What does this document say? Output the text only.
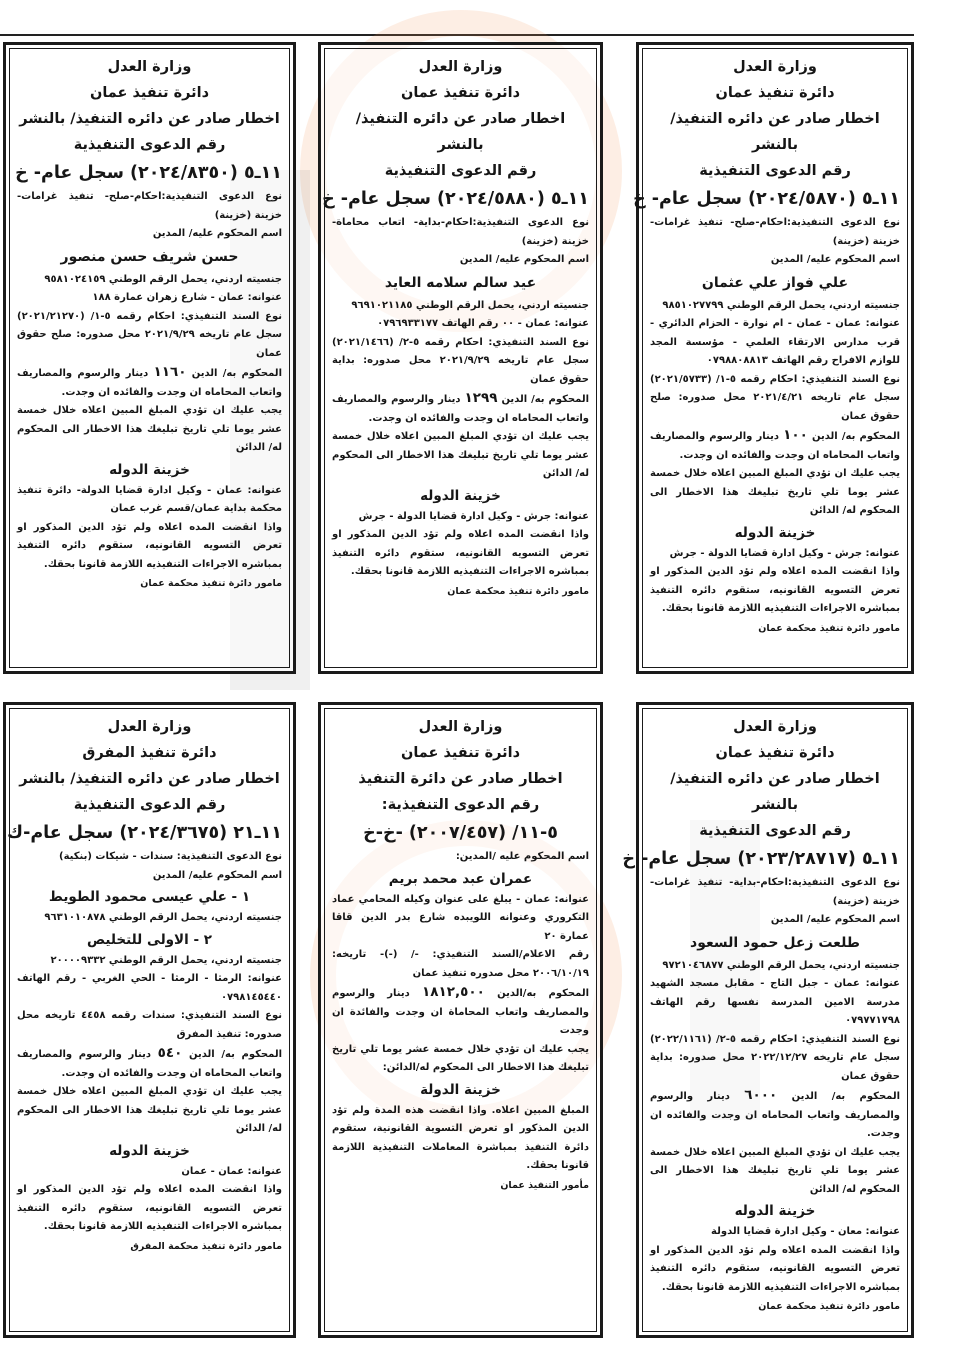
وزارة العدل
دائرة تنفيذ عمان
اخطار صادر عن دائره التنفيذ/ بالنشر
رقم الدعوى التنفيذية
١١ـ٥ (٢٠٢٤/٥٨٧٠) سجل عام- خ
نوع الدعوى التنفيذية:احكام-صلح- تنفيذ غرامات- خزينة (خزينة)
اسم المحكوم عليه/ المدين
علي فواز علي عثمان
جنسيته اردني، يحمل الرقم الوطني ٩٨٥١٠٢٧٧٩٩
عنوانه: عمان - عمان - ام نوارة - الحزام الدائري - قرب مدارس الارتقاء العلمي - مؤسسة المجد للوازم الافراح رقم الهاتف ٠٧٩٨٨٠٨٨١٣
نوع السند التنفيذي: احكام رقمه ٥-١/ (٢٠٢١/٥٧٣٣) سجل عام تاريخه ٢٠٢١/٤/٢١ محل صدوره: صلح حقوق عمان
المحكوم به/ الدين ١٠٠ دينار والرسوم والمصاريف واتعاب المحاماه ان وجدت والفائده ان وجدت.
يجب عليك ان تؤدي المبلغ المبين اعلاه خلال خمسة عشر يوما تلي تاريخ تبليغك هذا الاخطار الى المحكوم له/ الدائن
خزينة الدوله
عنوانه: جرش - وكيل ادارة قضايا الدولة - جرش
واذا انقضت المده اعلاه ولم تؤد الدين المذكور او تعرض التسويه القانونيه، ستقوم دائره التنفيذ بمباشره الاجراءات التنفيذيه اللازمة قانونا بحقك.
مامور دائرة تنفيذ محكمة عمان
وزارة العدل
دائرة تنفيذ عمان
اخطار صادر عن دائره التنفيذ/ بالنشر
رقم الدعوى التنفيذية
١١ـ٥ (٢٠٢٤/٥٨٨٠) سجل عام- خ
نوع الدعوى التنفيذية:احكام-بداية- اتعاب محاماة- خزينة (خزينة)
اسم المحكوم عليه/ المدين
عيد سالم سلامه العايد
جنسيته اردني، يحمل الرقم الوطني ٩٦٩١٠٢١١٨٥
عنوانه: عمان - ٠٠ رقم الهاتف ٠٧٩٦٩٣٣١٧٧
نوع السند التنفيذي: احكام رقمه ٥-٢/ (٢٠٢١/١٤٦٦) سجل عام تاريخه ٢٠٢١/٩/٢٩ محل صدوره: بداية حقوق عمان
المحكوم به/ الدين ١٢٩٩ دينار والرسوم والمصاريف واتعاب المحاماه ان وجدت والفائده ان وجدت.
يجب عليك ان تؤدي المبلغ المبين اعلاه خلال خمسة عشر يوما تلي تاريخ تبليغك هذا الاخطار الى المحكوم له/ الدائن
خزينة الدوله
عنوانه: جرش - وكيل ادارة قضايا الدولة - جرش
واذا انقضت المده اعلاه ولم تؤد الدين المذكور او تعرض التسويه القانونيه، ستقوم دائره التنفيذ بمباشره الاجراءات التنفيذيه اللازمة قانونا بحقك.
مامور دائرة تنفيذ محكمة عمان
وزارة العدل
دائرة تنفيذ عمان
اخطار صادر عن دائره التنفيذ/ بالنشر
رقم الدعوى التنفيذية
١١ـ٥ (٢٠٢٤/٨٣٥٠) سجل عام- خ
نوع الدعوى التنفيذية:احكام-صلح- تنفيذ غرامات- خزينة (خزينة)
اسم المحكوم عليه/ المدين
حسن شريف حسن منصور
جنسيته اردني، يحمل الرقم الوطني ٩٥٨١٠٢٤١٥٩
عنوانه: عمان - شارع زهران عمارة ١٨٨
نوع السند التنفيذي: احكام رقمه ٥-١/ (٢٠٢١/٢١٢٧٠) سجل عام تاريخه ٢٠٢١/٩/٢٩ محل صدوره: صلح حقوق عمان
المحكوم به/ الدين ١١٦٠ دينار والرسوم والمصاريف واتعاب المحاماه ان وجدت والفائده ان وجدت.
يجب عليك ان تؤدي المبلغ المبين اعلاه خلال خمسة عشر يوما تلي تاريخ تبليغك هذا الاخطار الى المحكوم له/ الدائن
خزينة الدوله
عنوانه: عمان - وكيل ادارة قضايا الدولة- دائرة تنفيذ محكمة بداية عمان/قسم غرب عمان
واذا انقضت المده اعلاه ولم تؤد الدين المذكور او تعرض التسويه القانونيه، ستقوم دائره التنفيذ بمباشره الاجراءات التنفيذيه اللازمة قانونا بحقك.
مامور دائرة تنفيذ محكمة عمان
وزارة العدل
دائرة تنفيذ عمان
اخطار صادر عن دائره التنفيذ/ بالنشر
رقم الدعوى التنفيذية
١١ـ٥ (٢٠٢٣/٢٨٧١٧) سجل عام- خ
نوع الدعوى التنفيذية:احكام-بداية- تنفيذ غرامات- خزينة (خزينة)
اسم المحكوم عليه/ المدين
طلعت زعل حمود السعود
جنسيته اردني، يحمل الرقم الوطني ٩٧٢١٠٤٦٨٧٧
عنوانه: عمان - جبل التاج - مقابل مسجد الشهيد مدرسة الامين المدرسة نفسها رقم الهاتف ٠٧٩٧٧١٧٩٨
نوع السند التنفيذي: احكام رقمه ٥-٢/ (٢٠٢٢/١١٦١) سجل عام تاريخه ٢٠٢٢/١٢/٢٧ محل صدوره: بداية حقوق عمان
المحكوم به/ الدين ٦٠٠٠ دينار والرسوم والمصاريف واتعاب المحاماه ان وجدت والفائده ان وجدت.
يجب عليك ان تؤدي المبلغ المبين اعلاه خلال خمسة عشر يوما تلي تاريخ تبليغك هذا الاخطار الى المحكوم له/ الدائن
خزينة الدوله
عنوانه: معان - وكيل ادارة قضايا الدولة
واذا انقضت المده اعلاه ولم تؤد الدين المذكور او تعرض التسويه القانونيه، ستقوم دائره التنفيذ بمباشره الاجراءات التنفيذيه اللازمة قانونا بحقك.
مامور دائرة تنفيذ محكمة عمان
وزارة العدل
دائرة تنفيذ عمان
اخطار صادر عن دائرة التنفيذ
رقم الدعوى التنفيذية:
٥-١١/ (٢٠٠٧/٤٥٧) -خ-خ
اسم المحكوم عليه /المدين:
عمران عبد محمد بريم
عنوانه: عمان - يبلغ على عنوان وكيله المحامي عماد التكروري وعنوانه اللويبده شارع بدر الدين قاقا عمارة ٢٠
رقم الاعلام/السند التنفيذي: -/ (-)- تاريخه: ٢٠٠٦/١٠/١٩ محل صدوره تنفيذ عمان
المحكوم به/الدين ١٨١٢,٥٠٠ دينار والرسوم والمصاريف واتعاب المحاماة ان وجدت والفائدة ان وجدت
يجب عليك ان تؤدي خلال خمسة عشر يوما تلي تاريخ تبليغك هذا الاخطار الى المحكوم له/الدائن:
خزينة الدولة
المبلغ المبين اعلاه. واذا انقضت هذه المدة ولم تؤد الدين المذكور او تعرض التسوية القانونية، ستقوم دائرة التنفيذ بمباشرة المعاملات التنفيذية اللازمة قانونا بحقك.
مأمور التنفيذ عمان
وزارة العدل
دائرة تنفيذ المفرق
اخطار صادر عن دائره التنفيذ/ بالنشر
رقم الدعوى التنفيذية
١١ـ٢١ (٢٠٢٤/٣٦٧٥) سجل عام-ك
نوع الدعوى التنفيذية: سندات - شيكات (بنكية)
اسم المحكوم عليه/ المدين
١ - علي عيسى محمود الطويط
جنسيته اردني، يحمل الرقم الوطني ٩٦٣١٠١٠٨٧٨
٢ - الاولى للتخليص
جنسيته اردني، يحمل الرقم الوطني ٢٠٠٠٠٩٣٣٢
عنوانه: الرمثا - الرمثا - الحي الغربي - رقم الهاتف ٠٧٩٨١٤٥٤٤٠
نوع السند التنفيذي: سندات رقمه ٤٤٥٨ تاريخه محل صدوره: تنفيذ المفرق
المحكوم به/ الدين ٥٤٠ دينار والرسوم والمصاريف واتعاب المحاماه ان وجدت والفائده ان وجدت.
يجب عليك ان تؤدي المبلغ المبين اعلاه خلال خمسة عشر يوما تلي تاريخ تبليغك هذا الاخطار الى المحكوم له/ الدائن
خزينة الدوله
عنوانه: عمان - عمان
واذا انقضت المده اعلاه ولم تؤد الدين المذكور او تعرض التسويه القانونيه، ستقوم دائره التنفيذ بمباشره الاجراءات التنفيذيه اللازمة قانونا بحقك.
مامور دائرة تنفيذ محكمة المفرق
